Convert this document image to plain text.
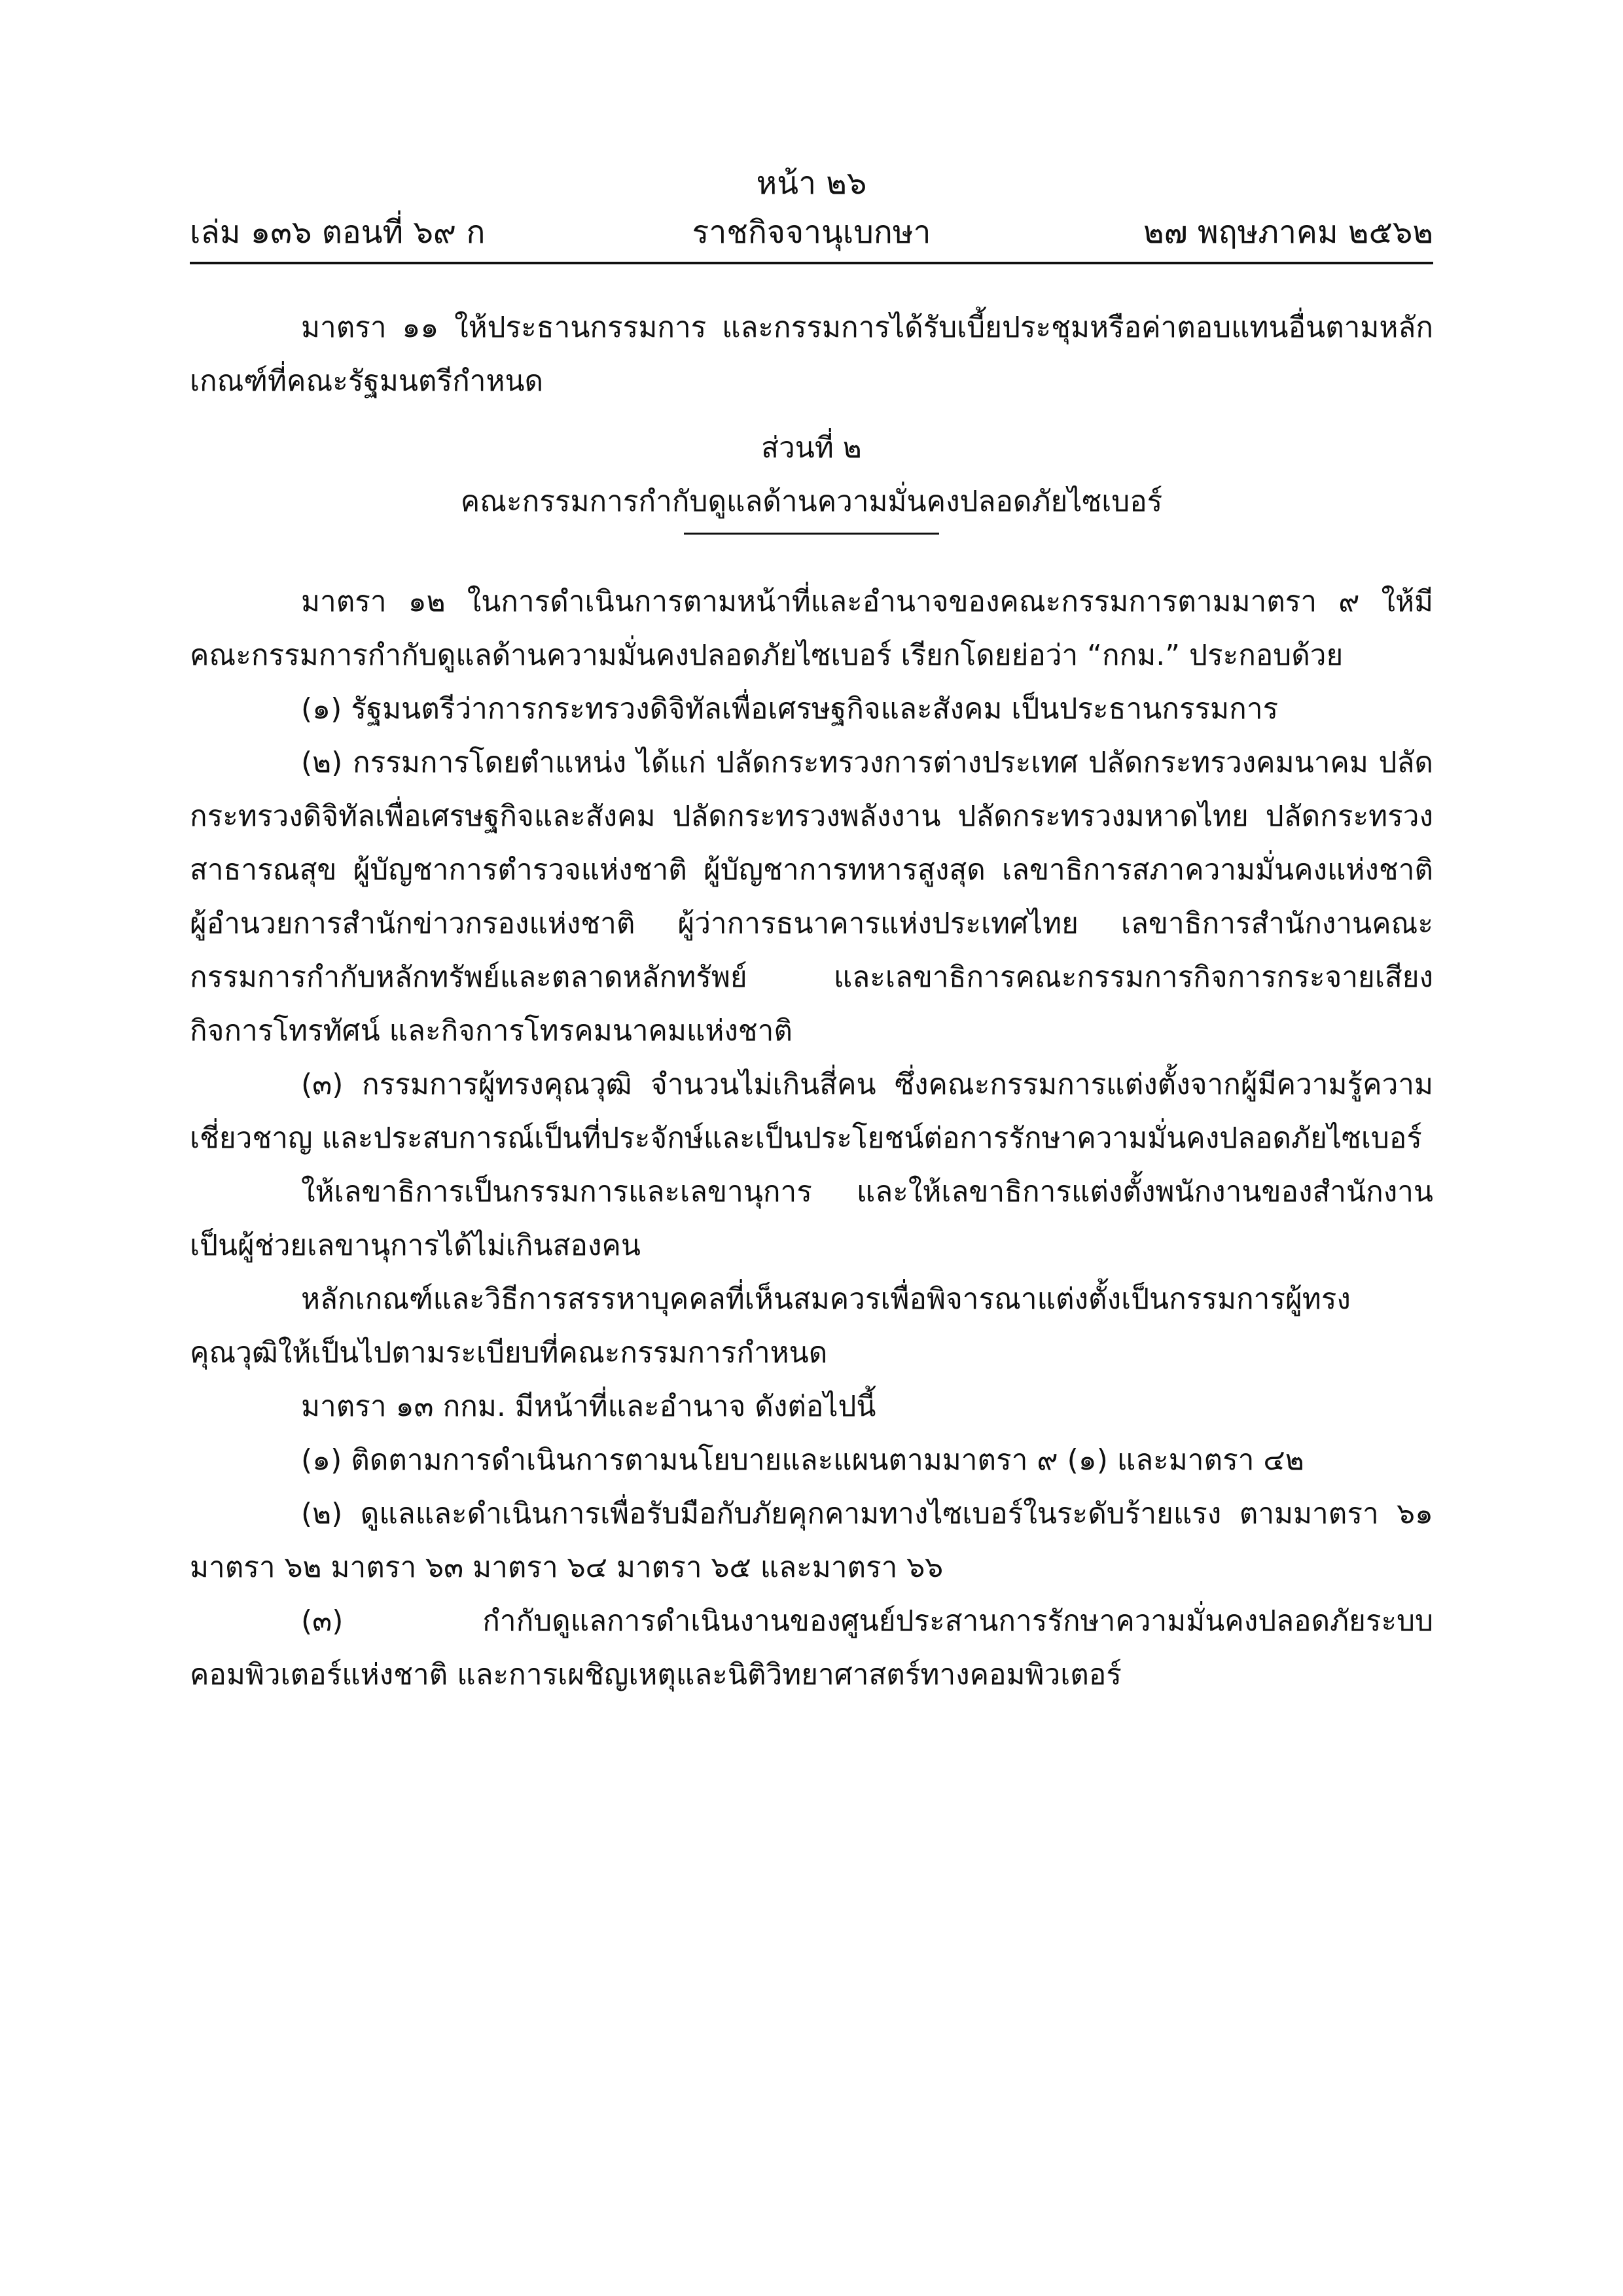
หน้า ๒๖
เล่ม ๑๓๖ ตอนที่ ๖๙ ก	ราชกิจจานุเบกษา	๒๗ พฤษภาคม ๒๕๖๒

มาตรา ๑๑ ให้ประธานกรรมการ และกรรมการได้รับเบี้ยประชุมหรือค่าตอบแทนอื่นตามหลักเกณฑ์ที่คณะรัฐมนตรีกำหนด

ส่วนที่ ๒

คณะกรรมการกำกับดูแลด้านความมั่นคงปลอดภัยไซเบอร์

มาตรา ๑๒ ในการดำเนินการตามหน้าที่และอำนาจของคณะกรรมการตามมาตรา ๙ ให้มีคณะกรรมการกำกับดูแลด้านความมั่นคงปลอดภัยไซเบอร์ เรียกโดยย่อว่า “กกม.” ประกอบด้วย

(๑) รัฐมนตรีว่าการกระทรวงดิจิทัลเพื่อเศรษฐกิจและสังคม เป็นประธานกรรมการ

(๒) กรรมการโดยตำแหน่ง ได้แก่ ปลัดกระทรวงการต่างประเทศ ปลัดกระทรวงคมนาคม ปลัดกระทรวงดิจิทัลเพื่อเศรษฐกิจและสังคม ปลัดกระทรวงพลังงาน ปลัดกระทรวงมหาดไทย ปลัดกระทรวงสาธารณสุข ผู้บัญชาการตำรวจแห่งชาติ ผู้บัญชาการทหารสูงสุด เลขาธิการสภาความมั่นคงแห่งชาติ ผู้อำนวยการสำนักข่าวกรองแห่งชาติ ผู้ว่าการธนาคารแห่งประเทศไทย เลขาธิการสำนักงานคณะกรรมการกำกับหลักทรัพย์และตลาดหลักทรัพย์ และเลขาธิการคณะกรรมการกิจการกระจายเสียงกิจการโทรทัศน์ และกิจการโทรคมนาคมแห่งชาติ

(๓) กรรมการผู้ทรงคุณวุฒิ จำนวนไม่เกินสี่คน ซึ่งคณะกรรมการแต่งตั้งจากผู้มีความรู้ความเชี่ยวชาญ และประสบการณ์เป็นที่ประจักษ์และเป็นประโยชน์ต่อการรักษาความมั่นคงปลอดภัยไซเบอร์

ให้เลขาธิการเป็นกรรมการและเลขานุการ และให้เลขาธิการแต่งตั้งพนักงานของสำนักงานเป็นผู้ช่วยเลขานุการได้ไม่เกินสองคน

หลักเกณฑ์และวิธีการสรรหาบุคคลที่เห็นสมควรเพื่อพิจารณาแต่งตั้งเป็นกรรมการผู้ทรงคุณวุฒิให้เป็นไปตามระเบียบที่คณะกรรมการกำหนด

มาตรา ๑๓ กกม. มีหน้าที่และอำนาจ ดังต่อไปนี้

(๑) ติดตามการดำเนินการตามนโยบายและแผนตามมาตรา ๙ (๑) และมาตรา ๔๒

(๒) ดูแลและดำเนินการเพื่อรับมือกับภัยคุกคามทางไซเบอร์ในระดับร้ายแรง ตามมาตรา ๖๑ มาตรา ๖๒ มาตรา ๖๓ มาตรา ๖๔ มาตรา ๖๕ และมาตรา ๖๖

(๓) กำกับดูแลการดำเนินงานของศูนย์ประสานการรักษาความมั่นคงปลอดภัยระบบคอมพิวเตอร์แห่งชาติ และการเผชิญเหตุและนิติวิทยาศาสตร์ทางคอมพิวเตอร์
